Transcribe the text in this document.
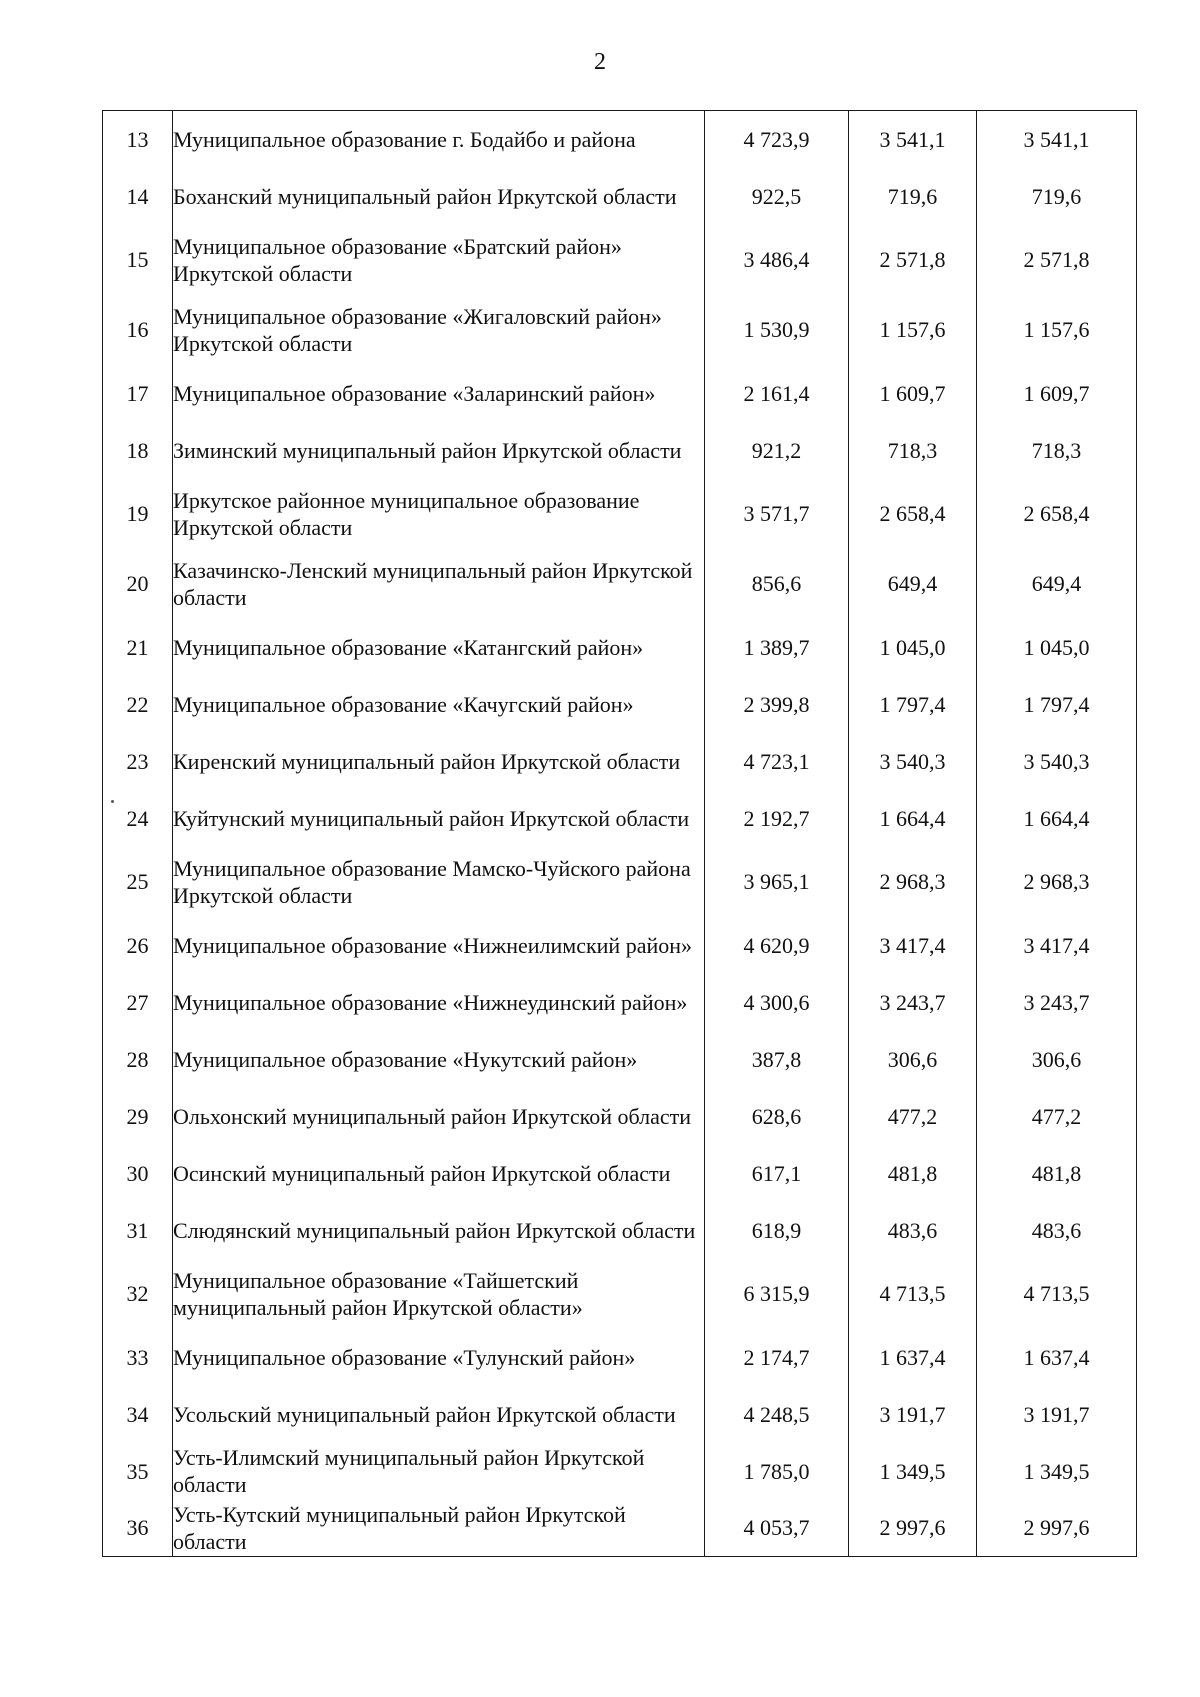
2
13	Муниципальное образование г. Бодайбо и района	4 723,9	3 541,1	3 541,1
14	Боханский муниципальный район Иркутской области	922,5	719,6	719,6
15	Муниципальное образование «Братский район» Иркутской области	3 486,4	2 571,8	2 571,8
16	Муниципальное образование «Жигаловский район» Иркутской области	1 530,9	1 157,6	1 157,6
17	Муниципальное образование «Заларинский район»	2 161,4	1 609,7	1 609,7
18	Зиминский муниципальный район Иркутской области	921,2	718,3	718,3
19	Иркутское районное муниципальное образование Иркутской области	3 571,7	2 658,4	2 658,4
20	Казачинско-Ленский муниципальный район Иркутской области	856,6	649,4	649,4
21	Муниципальное образование «Катангский район»	1 389,7	1 045,0	1 045,0
22	Муниципальное образование «Качугский район»	2 399,8	1 797,4	1 797,4
23	Киренский муниципальный район Иркутской области	4 723,1	3 540,3	3 540,3
24	Куйтунский муниципальный район Иркутской области	2 192,7	1 664,4	1 664,4
25	Муниципальное образование Мамско-Чуйского района Иркутской области	3 965,1	2 968,3	2 968,3
26	Муниципальное образование «Нижнеилимский район»	4 620,9	3 417,4	3 417,4
27	Муниципальное образование «Нижнеудинский район»	4 300,6	3 243,7	3 243,7
28	Муниципальное образование «Нукутский район»	387,8	306,6	306,6
29	Ольхонский муниципальный район Иркутской области	628,6	477,2	477,2
30	Осинский муниципальный район Иркутской области	617,1	481,8	481,8
31	Слюдянский муниципальный район Иркутской области	618,9	483,6	483,6
32	Муниципальное образование «Тайшетский муниципальный район Иркутской области»	6 315,9	4 713,5	4 713,5
33	Муниципальное образование «Тулунский район»	2 174,7	1 637,4	1 637,4
34	Усольский муниципальный район Иркутской области	4 248,5	3 191,7	3 191,7
35	Усть-Илимский муниципальный район Иркутской области	1 785,0	1 349,5	1 349,5
36	Усть-Кутский муниципальный район Иркутской области	4 053,7	2 997,6	2 997,6
